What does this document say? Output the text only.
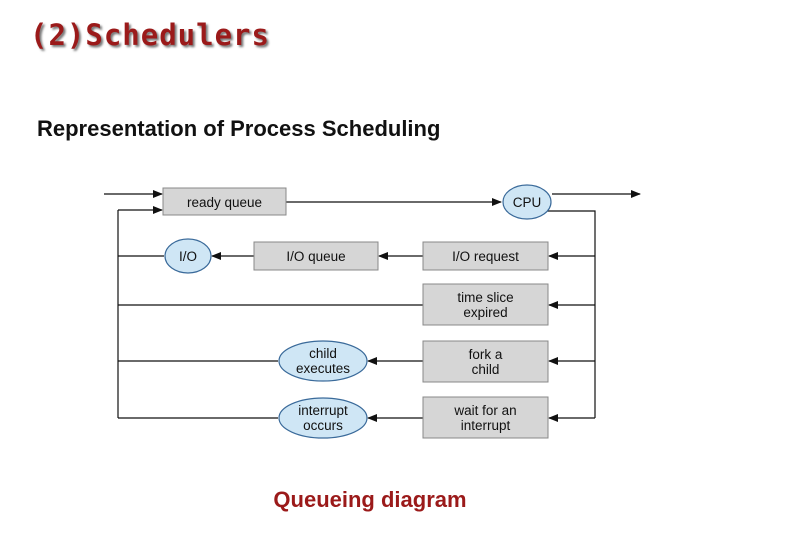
(2)Schedulers
Representation of Process Scheduling
ready queue	CPU
I/O	I/O queue	I/O request
time slice
expired
fork a
child
wait for an
interrupt
child
executes
interrupt
occurs
Queueing diagram
